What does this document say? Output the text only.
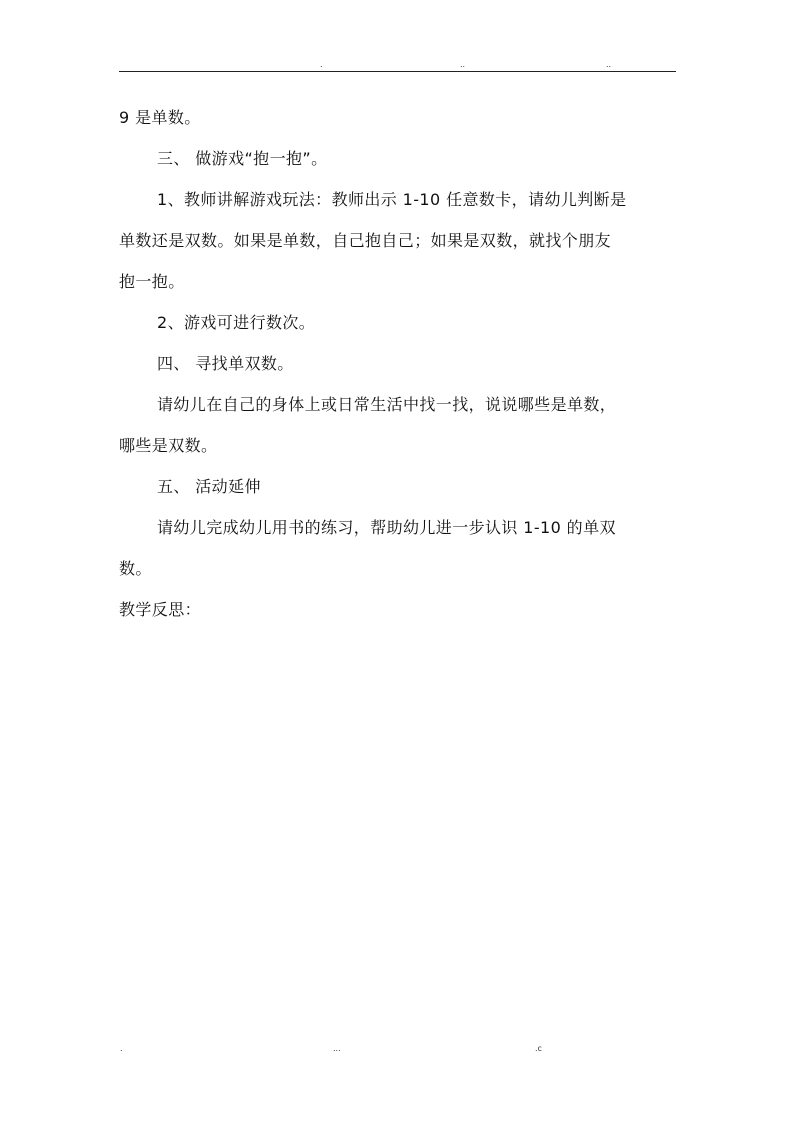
.	..	..

9 是单数。

三、 做游戏“抱一抱”。

1、教师讲解游戏玩法：教师出示 1-10 任意数卡，请幼儿判断是

单数还是双数。如果是单数，自己抱自己；如果是双数，就找个朋友

抱一抱。

2、游戏可进行数次。

四、 寻找单双数。

请幼儿在自己的身体上或日常生活中找一找，说说哪些是单数，

哪些是双数。

五、 活动延伸

请幼儿完成幼儿用书的练习，帮助幼儿进一步认识 1-10 的单双

数。

教学反思：

.	...	.c
